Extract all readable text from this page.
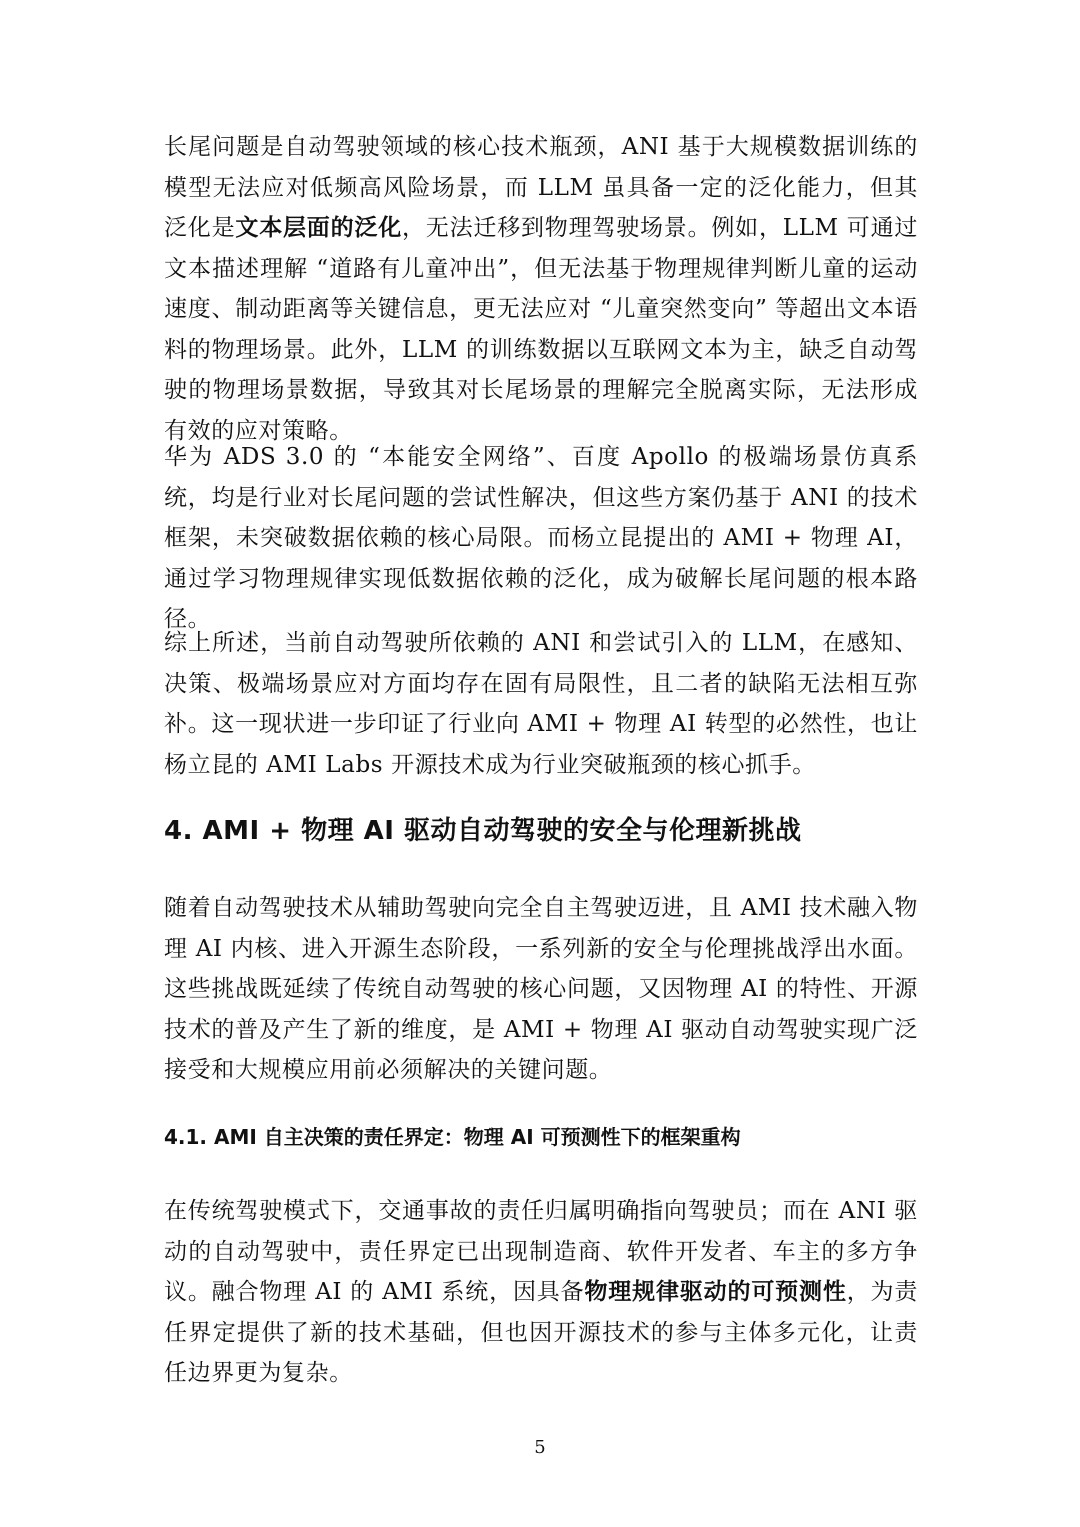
长尾问题是自动驾驶领域的核心技术瓶颈，ANI 基于大规模数据训练的模型无法应对低频高风险场景，而 LLM 虽具备一定的泛化能力，但其泛化是文本层面的泛化，无法迁移到物理驾驶场景。例如，LLM 可通过文本描述理解 “道路有儿童冲出”，但无法基于物理规律判断儿童的运动速度、制动距离等关键信息，更无法应对 “儿童突然变向” 等超出文本语料的物理场景。此外，LLM 的训练数据以互联网文本为主，缺乏自动驾驶的物理场景数据，导致其对长尾场景的理解完全脱离实际，无法形成有效的应对策略。

华为 ADS 3.0 的 “本能安全网络”、百度 Apollo 的极端场景仿真系统，均是行业对长尾问题的尝试性解决，但这些方案仍基于 ANI 的技术框架，未突破数据依赖的核心局限。而杨立昆提出的 AMI + 物理 AI，通过学习物理规律实现低数据依赖的泛化，成为破解长尾问题的根本路径。

综上所述，当前自动驾驶所依赖的 ANI 和尝试引入的 LLM，在感知、决策、极端场景应对方面均存在固有局限性，且二者的缺陷无法相互弥补。这一现状进一步印证了行业向 AMI + 物理 AI 转型的必然性，也让杨立昆的 AMI Labs 开源技术成为行业突破瓶颈的核心抓手。

4. AMI + 物理 AI 驱动自动驾驶的安全与伦理新挑战

随着自动驾驶技术从辅助驾驶向完全自主驾驶迈进，且 AMI 技术融入物理 AI 内核、进入开源生态阶段，一系列新的安全与伦理挑战浮出水面。这些挑战既延续了传统自动驾驶的核心问题，又因物理 AI 的特性、开源技术的普及产生了新的维度，是 AMI + 物理 AI 驱动自动驾驶实现广泛接受和大规模应用前必须解决的关键问题。

4.1. AMI 自主决策的责任界定：物理 AI 可预测性下的框架重构

在传统驾驶模式下，交通事故的责任归属明确指向驾驶员；而在 ANI 驱动的自动驾驶中，责任界定已出现制造商、软件开发者、车主的多方争议。融合物理 AI 的 AMI 系统，因具备物理规律驱动的可预测性，为责任界定提供了新的技术基础，但也因开源技术的参与主体多元化，让责任边界更为复杂。

5
